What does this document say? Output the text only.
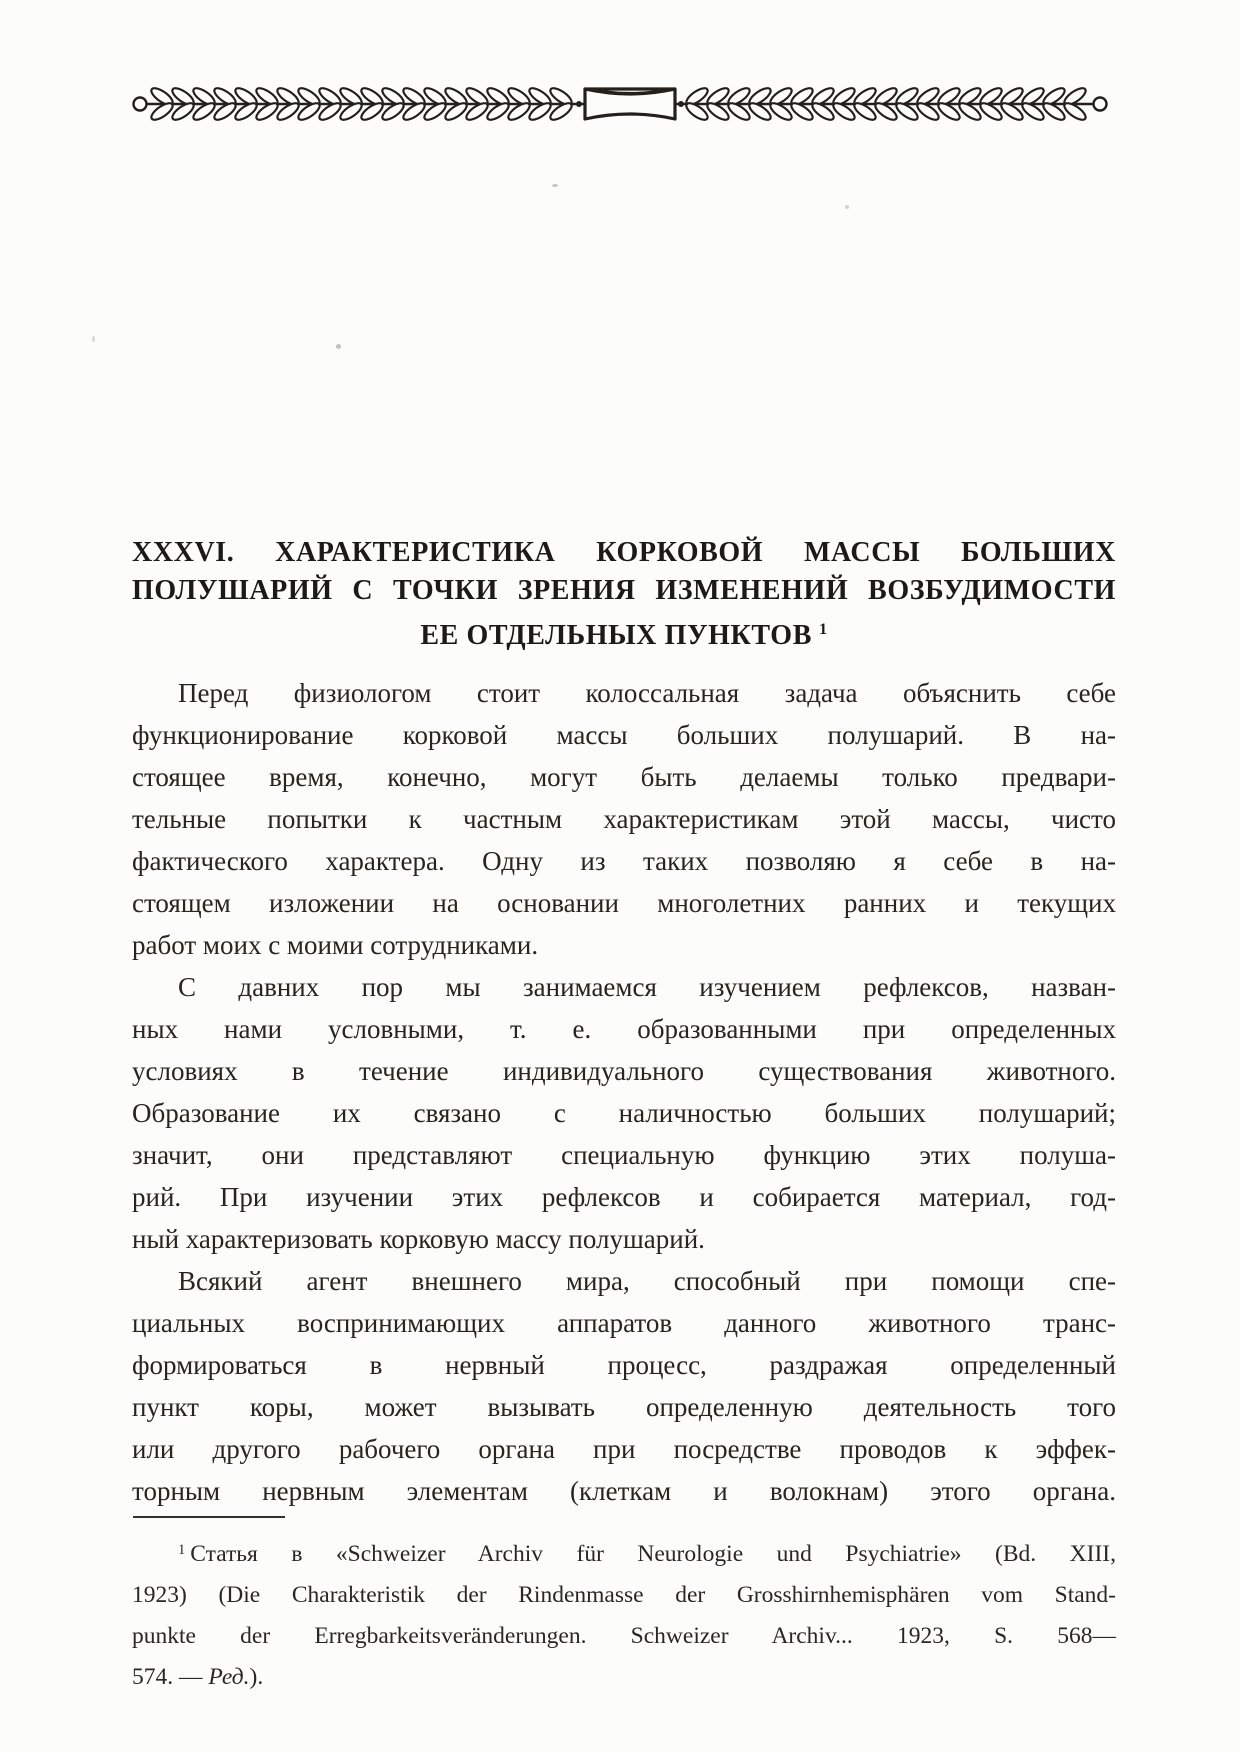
XXXVI. ХАРАКТЕРИСТИКА КОРКОВОЙ МАССЫ БОЛЬШИХ
ПОЛУШАРИЙ С ТОЧКИ ЗРЕНИЯ ИЗМЕНЕНИЙ ВОЗБУДИМОСТИ
ЕЕ ОТДЕЛЬНЫХ ПУНКТОВ $^1$
Перед физиологом стоит колоссальная задача объяснить себе
функционирование корковой массы больших полушарий. В на-
стоящее время, конечно, могут быть делаемы только предвари-
тельные попытки к частным характеристикам этой массы, чисто
фактического характера. Одну из таких позволяю я себе в на-
стоящем изложении на основании многолетних ранних и текущих
работ моих с моими сотрудниками.
С давних пор мы занимаемся изучением рефлексов, назван-
ных нами условными, т. е. образованными при определенных
условиях в течение индивидуального существования животного.
Образование их связано с наличностью больших полушарий;
значит, они представляют специальную функцию этих полуша-
рий. При изучении этих рефлексов и собирается материал, год-
ный характеризовать корковую массу полушарий.
Всякий агент внешнего мира, способный при помощи спе-
циальных воспринимающих аппаратов данного животного транс-
формироваться в нервный процесс, раздражая определенный
пункт коры, может вызывать определенную деятельность того
или другого рабочего органа при посредстве проводов к эффек-
торным нервным элементам (клеткам и волокнам) этого органа.
$^1$ Статья в «Schweizer Archiv für Neurologie und Psychiatrie» (Bd. XIII,
1923) (Die Charakteristik der Rindenmasse der Grosshirnhemisphären vom Stand-
punkte der Erregbarkeitsveränderungen. Schweizer Archiv... 1923, S. 568—
574. — Ред.).
